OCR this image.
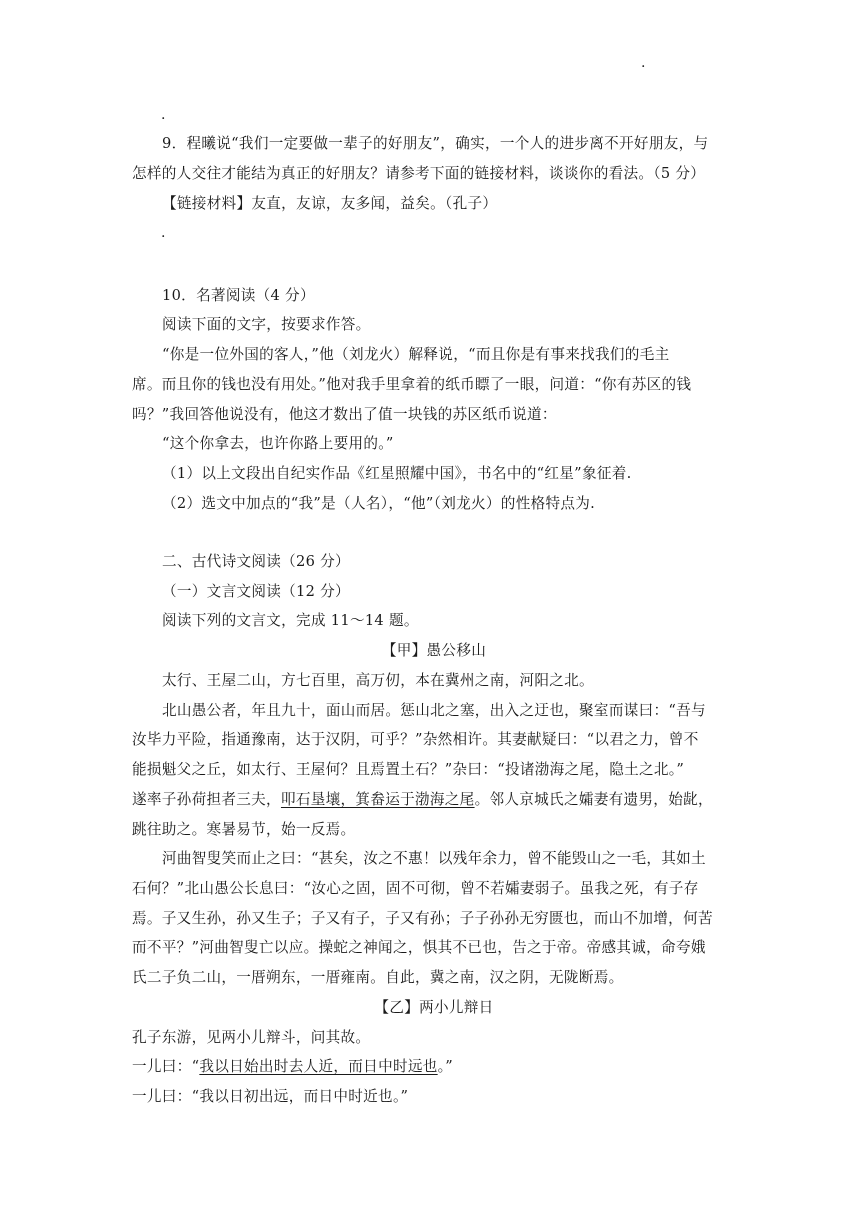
.
.
9．程曦说“我们一定要做一辈子的好朋友”，确实，一个人的进步离不开好朋友，与
怎样的人交往才能结为真正的好朋友？请参考下面的链接材料，谈谈你的看法。（5 分）
【链接材料】友直，友谅，友多闻，益矣。（孔子）
.
10．名著阅读（4 分）
阅读下面的文字，按要求作答。
“你是一位外国的客人，”他（刘龙火）解释说，“而且你是有事来找我们的毛主
席。而且你的钱也没有用处。”他对我手里拿着的纸币瞟了一眼，问道：“你有苏区的钱
吗？”我回答他说没有，他这才数出了值一块钱的苏区纸币说道：
“这个你拿去，也许你路上要用的。”
（1）以上文段出自纪实作品《红星照耀中国》，书名中的“红星”象征着.
（2）选文中加点的“我”是（人名），“他”（刘龙火）的性格特点为.
二、古代诗文阅读（26 分）
（一）文言文阅读（12 分）
阅读下列的文言文，完成 11～14 题。
【甲】愚公移山
太行、王屋二山，方七百里，高万仞，本在冀州之南，河阳之北。
北山愚公者，年且九十，面山而居。惩山北之塞，出入之迂也，聚室而谋曰：“吾与
汝毕力平险，指通豫南，达于汉阴，可乎？”杂然相许。其妻献疑曰：“以君之力，曾不
能损魁父之丘，如太行、王屋何？且焉置土石？”杂曰：“投诸渤海之尾，隐土之北。”
遂率子孙荷担者三夫，叩石垦壤，箕畚运于渤海之尾。邻人京城氏之孀妻有遗男，始龀，
跳往助之。寒暑易节，始一反焉。
河曲智叟笑而止之曰：“甚矣，汝之不惠！以残年余力，曾不能毁山之一毛，其如土
石何？”北山愚公长息曰：“汝心之固，固不可彻，曾不若孀妻弱子。虽我之死，有子存
焉。子又生孙，孙又生子；子又有子，子又有孙；子子孙孙无穷匮也，而山不加增，何苦
而不平？”河曲智叟亡以应。操蛇之神闻之，惧其不已也，告之于帝。帝感其诚，命夸娥
氏二子负二山，一厝朔东，一厝雍南。自此，冀之南，汉之阴，无陇断焉。
【乙】两小儿辩日
孔子东游，见两小儿辩斗，问其故。
一儿曰：“我以日始出时去人近，而日中时远也。”
一儿曰：“我以日初出远，而日中时近也。”
